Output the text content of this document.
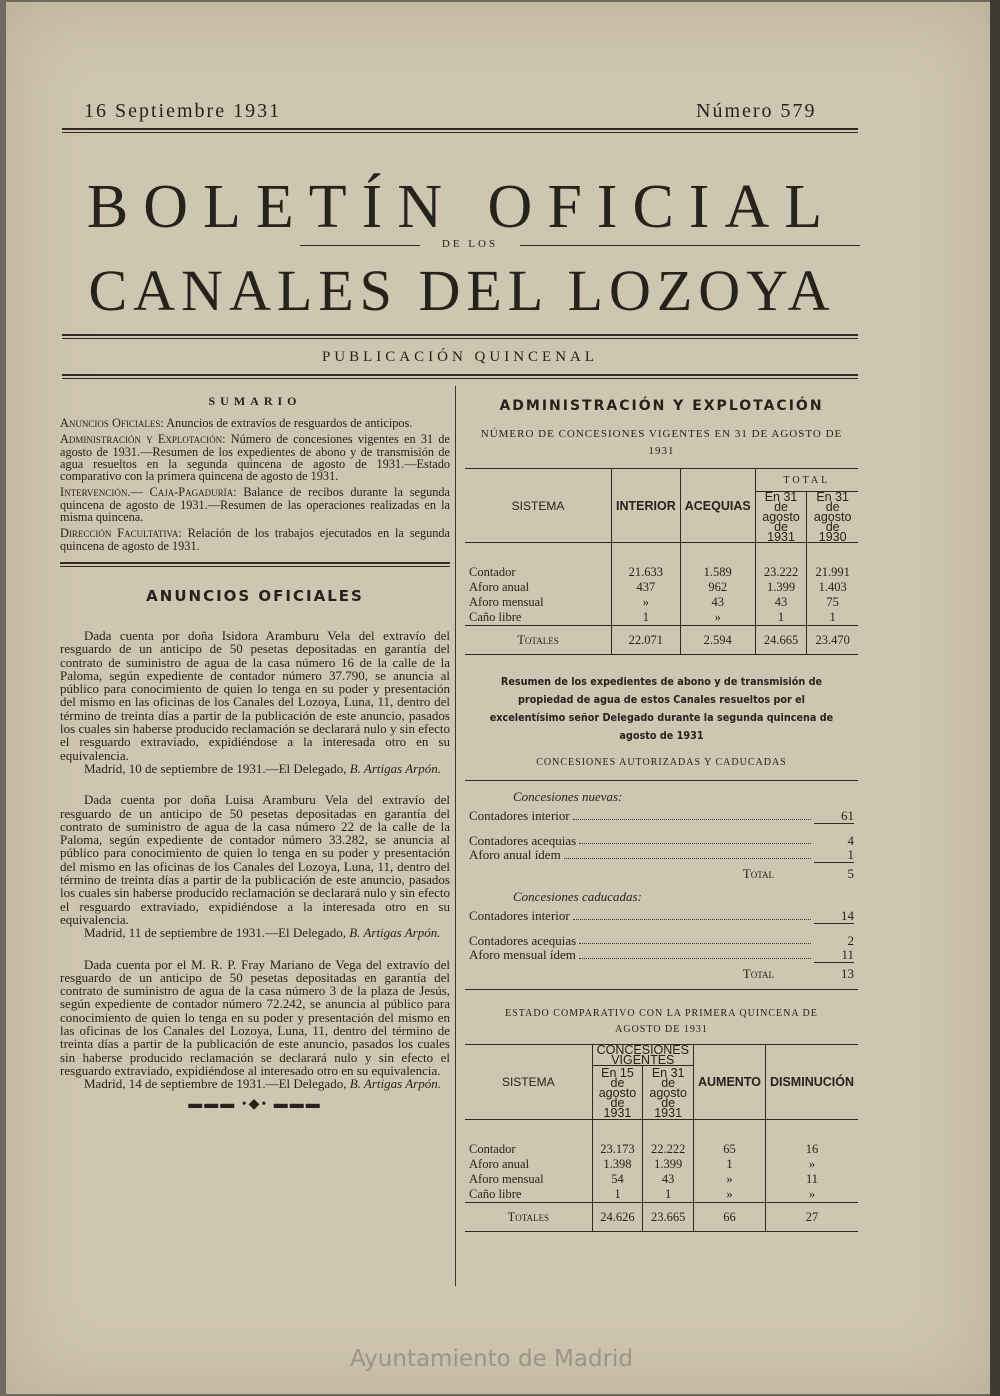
16 Septiembre 1931	Número 579
BOLETÍN OFICIAL
DE LOS
CANALES DEL LOZOYA
PUBLICACIÓN QUINCENAL
SUMARIO

Anuncios Oficiales: Anuncios de extravíos de resguardos de anticipos.

Administración y Explotación: Número de concesiones vigentes en 31 de agosto de 1931.—Resumen de los expedientes de abono y de transmisión de agua resueltos en la segunda quincena de agosto de 1931.—Estado comparativo con la primera quincena de agosto de 1931.

Intervención.— Caja-Pagaduría: Balance de recibos durante la segunda quincena de agosto de 1931.—Resumen de las operaciones realizadas en la misma quincena.

Dirección Facultativa: Relación de los trabajos ejecutados en la segunda quincena de agosto de 1931.

ANUNCIOS OFICIALES

Dada cuenta por doña Isidora Aramburu Vela del extravío del resguardo de un anticipo de 50 pesetas depositadas en garantía del contrato de suministro de agua de la casa número 16 de la calle de la Paloma, según expediente de contador número 37.790, se anuncia al público para conocimiento de quien lo tenga en su poder y presentación del mismo en las oficinas de los Canales del Lozoya, Luna, 11, dentro del término de treinta días a partir de la publicación de este anuncio, pasados los cuales sin haberse producido reclamación se declarará nulo y sin efecto el resguardo extraviado, expidiéndose a la interesada otro en su equivalencia.

Madrid, 10 de septiembre de 1931.—El Delegado, B. Artigas Arpón.

Dada cuenta por doña Luisa Aramburu Vela del extravío del resguardo de un anticipo de 50 pesetas depositadas en garantía del contrato de suministro de agua de la casa número 22 de la calle de la Paloma, según expediente de contador número 33.282, se anuncia al público para conocimiento de quien lo tenga en su poder y presentación del mismo en las oficinas de los Canales del Lozoya, Luna, 11, dentro del término de treinta días a partir de la publicación de este anuncio, pasados los cuales sin haberse producido reclamación se declarará nulo y sin efecto el resguardo extraviado, expidiéndose a la interesada otro en su equivalencia.

Madrid, 11 de septiembre de 1931.—El Delegado, B. Artigas Arpón.

Dada cuenta por el M. R. P. Fray Mariano de Vega del extravío del resguardo de un anticipo de 50 pesetas depositadas en garantía del contrato de suministro de agua de la casa número 3 de la plaza de Jesús, según expediente de contador número 72.242, se anuncia al público para conocimiento de quien lo tenga en su poder y presentación del mismo en las oficinas de los Canales del Lozoya, Luna, 11, dentro del término de treinta días a partir de la publicación de este anuncio, pasados los cuales sin haberse producido reclamación se declarará nulo y sin efecto el resguardo extraviado, expidiéndose al interesado otro en su equivalencia.

Madrid, 14 de septiembre de 1931.—El Delegado, B. Artigas Arpón.

▬▬▬ •◆• ▬▬▬
ADMINISTRACIÓN Y EXPLOTACIÓN
NÚMERO DE CONCESIONES VIGENTES EN 31 DE AGOSTO DE 1931
SISTEMA	INTERIOR	ACEQUIAS	TOTAL	
			En 31 de agosto de 1931	En 31 de agosto de 1930
Contador	21.633	1.589	23.222	21.991
Aforo anual	437	962	1.399	1.403
Aforo mensual	»	43	43	75
Caño libre	1	»	1	1
Totales	22.071	2.594	24.665	23.470
Resumen de los expedientes de abono y de transmisión de propiedad de agua de estos Canales resueltos por el excelentísimo señor Delegado durante la segunda quincena de agosto de 1931
CONCESIONES AUTORIZADAS Y CADUCADAS
Concesiones nuevas:
Contadores interior	61
Contadores acequias	4
Aforo anual ídem	1
Total	5
Concesiones caducadas:
Contadores interior	14
Contadores acequias	2
Aforo mensual ídem	11
Total	13
ESTADO COMPARATIVO CON LA PRIMERA QUINCENA DE AGOSTO DE 1931
SISTEMA	CONCESIONES VIGENTES		AUMENTO	DISMINUCIÓN
	En 15 de agosto de 1931	En 31 de agosto de 1931		
Contador	23.173	22.222	65	16
Aforo anual	1.398	1.399	1	»
Aforo mensual	54	43	»	11
Caño libre	1	1	»	»
Totales	24.626	23.665	66	27
Ayuntamiento de Madrid
